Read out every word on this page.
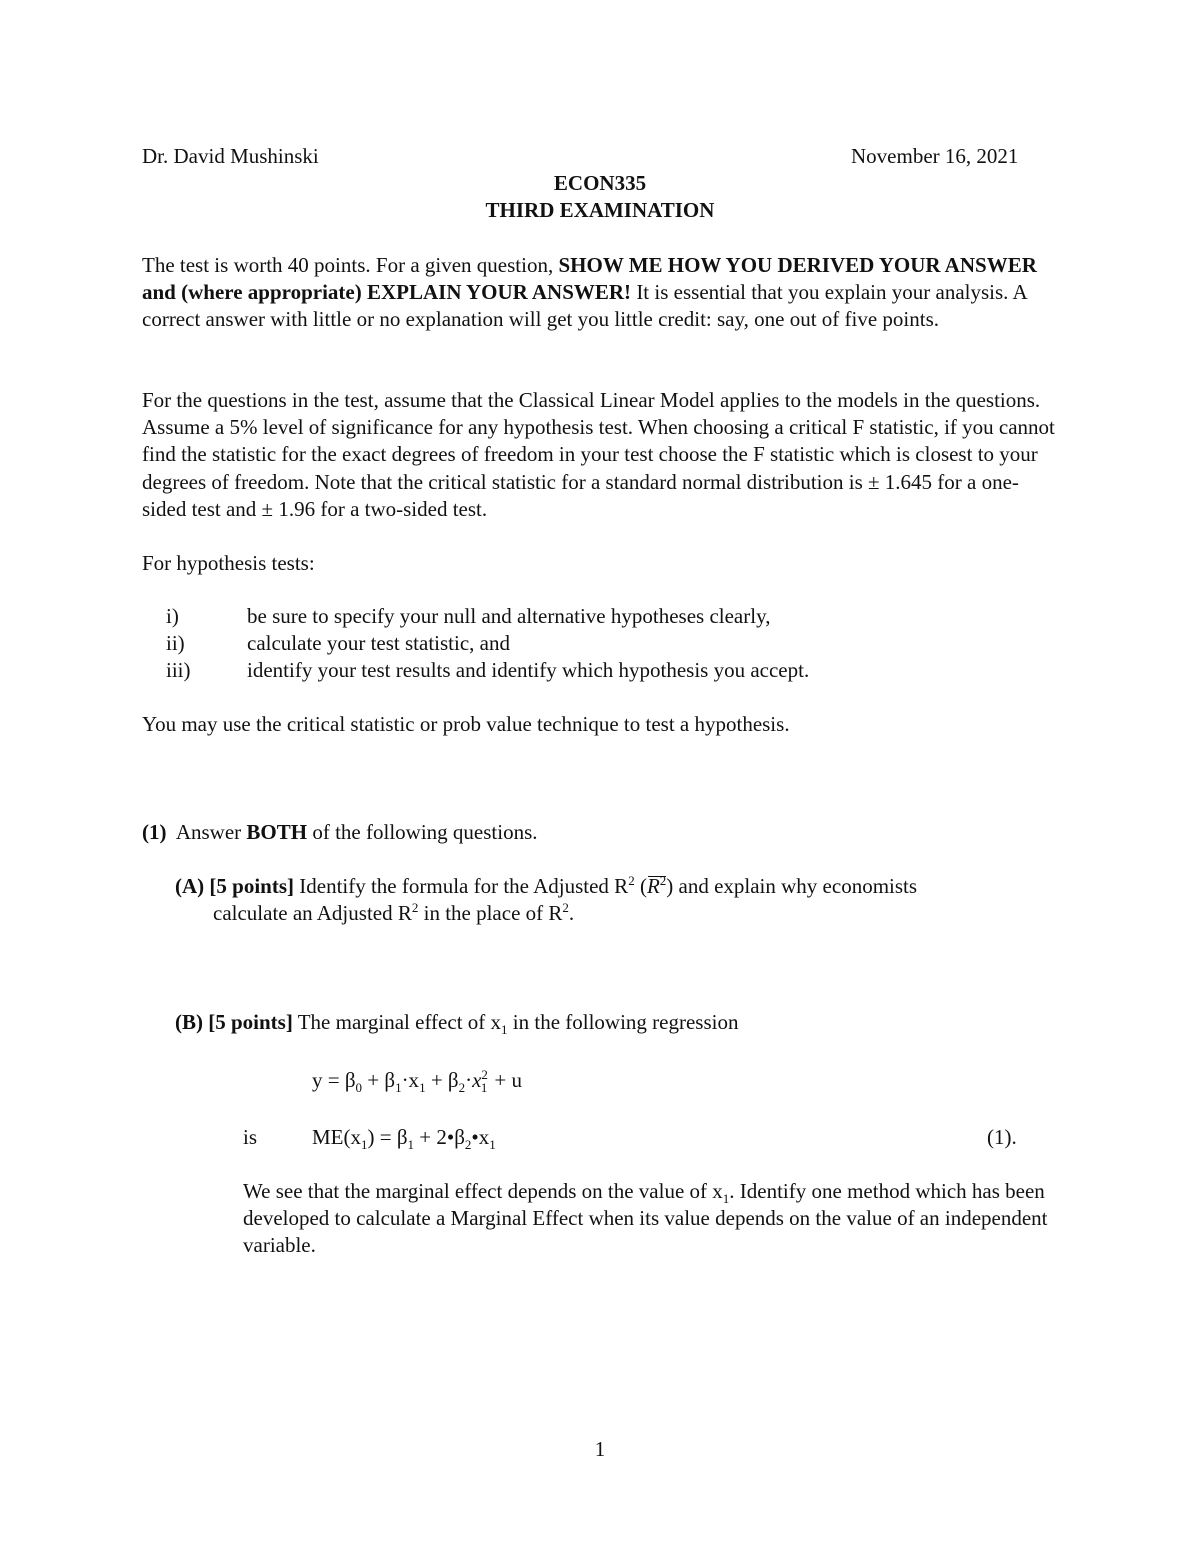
Dr. David Mushinski	November 16, 2021
ECON335
THIRD EXAMINATION
The test is worth 40 points. For a given question, SHOW ME HOW YOU DERIVED YOUR ANSWER and (where appropriate) EXPLAIN YOUR ANSWER! It is essential that you explain your analysis. A correct answer with little or no explanation will get you little credit: say, one out of five points.
For the questions in the test, assume that the Classical Linear Model applies to the models in the questions. Assume a 5% level of significance for any hypothesis test. When choosing a critical F statistic, if you cannot find the statistic for the exact degrees of freedom in your test choose the F statistic which is closest to your degrees of freedom. Note that the critical statistic for a standard normal distribution is ± 1.645 for a one-sided test and ± 1.96 for a two-sided test.
For hypothesis tests:
i)	be sure to specify your null and alternative hypotheses clearly,
ii)	calculate your test statistic, and
iii)	identify your test results and identify which hypothesis you accept.
You may use the critical statistic or prob value technique to test a hypothesis.
(1) Answer BOTH of the following questions.
(A) [5 points] Identify the formula for the Adjusted $R^2$ $(R^2)$ and explain why economists
calculate an Adjusted $R^2$ in the place of $R^2$.
(B) [5 points] The marginal effect of $x_1$ in the following regression
$y = \beta_0 + \beta_1\cdot x_1 + \beta_2\cdot x^2_1 + u$
is	$ME(x_1) = \beta_1$ + $2•\beta_2•x_1$	(1).
We see that the marginal effect depends on the value of $x_1$. Identify one method which has been developed to calculate a Marginal Effect when its value depends on the value of an independent variable.
1
